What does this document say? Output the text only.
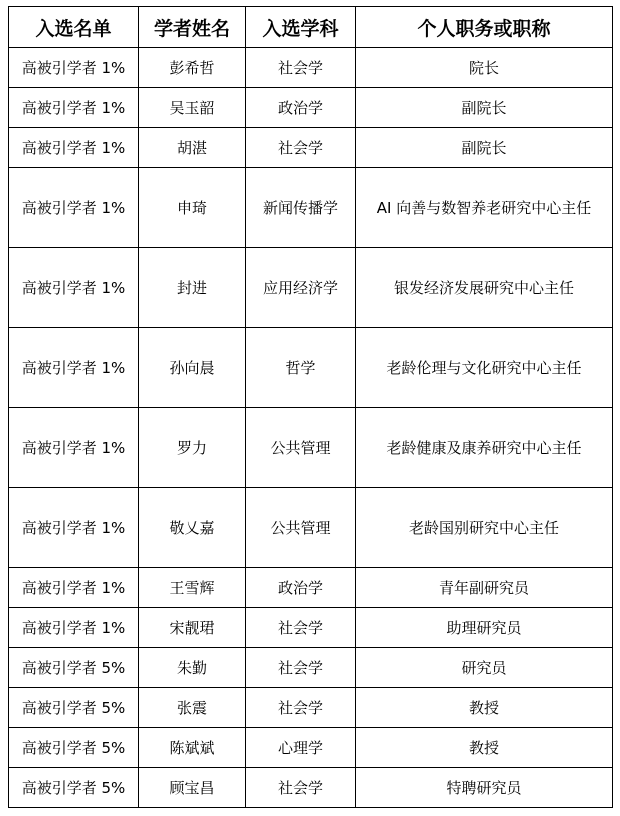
入选名单	学者姓名	入选学科	个人职务或职称
高被引学者 1%	彭希哲	社会学	院长
高被引学者 1%	吴玉韶	政治学	副院长
高被引学者 1%	胡湛	社会学	副院长
高被引学者 1%	申琦	新闻传播学	AI 向善与数智养老研究中心主任
高被引学者 1%	封进	应用经济学	银发经济发展研究中心主任
高被引学者 1%	孙向晨	哲学	老龄伦理与文化研究中心主任
高被引学者 1%	罗力	公共管理	老龄健康及康养研究中心主任
高被引学者 1%	敬乂嘉	公共管理	老龄国别研究中心主任
高被引学者 1%	王雪辉	政治学	青年副研究员
高被引学者 1%	宋靓珺	社会学	助理研究员
高被引学者 5%	朱勤	社会学	研究员
高被引学者 5%	张震	社会学	教授
高被引学者 5%	陈斌斌	心理学	教授
高被引学者 5%	顾宝昌	社会学	特聘研究员
